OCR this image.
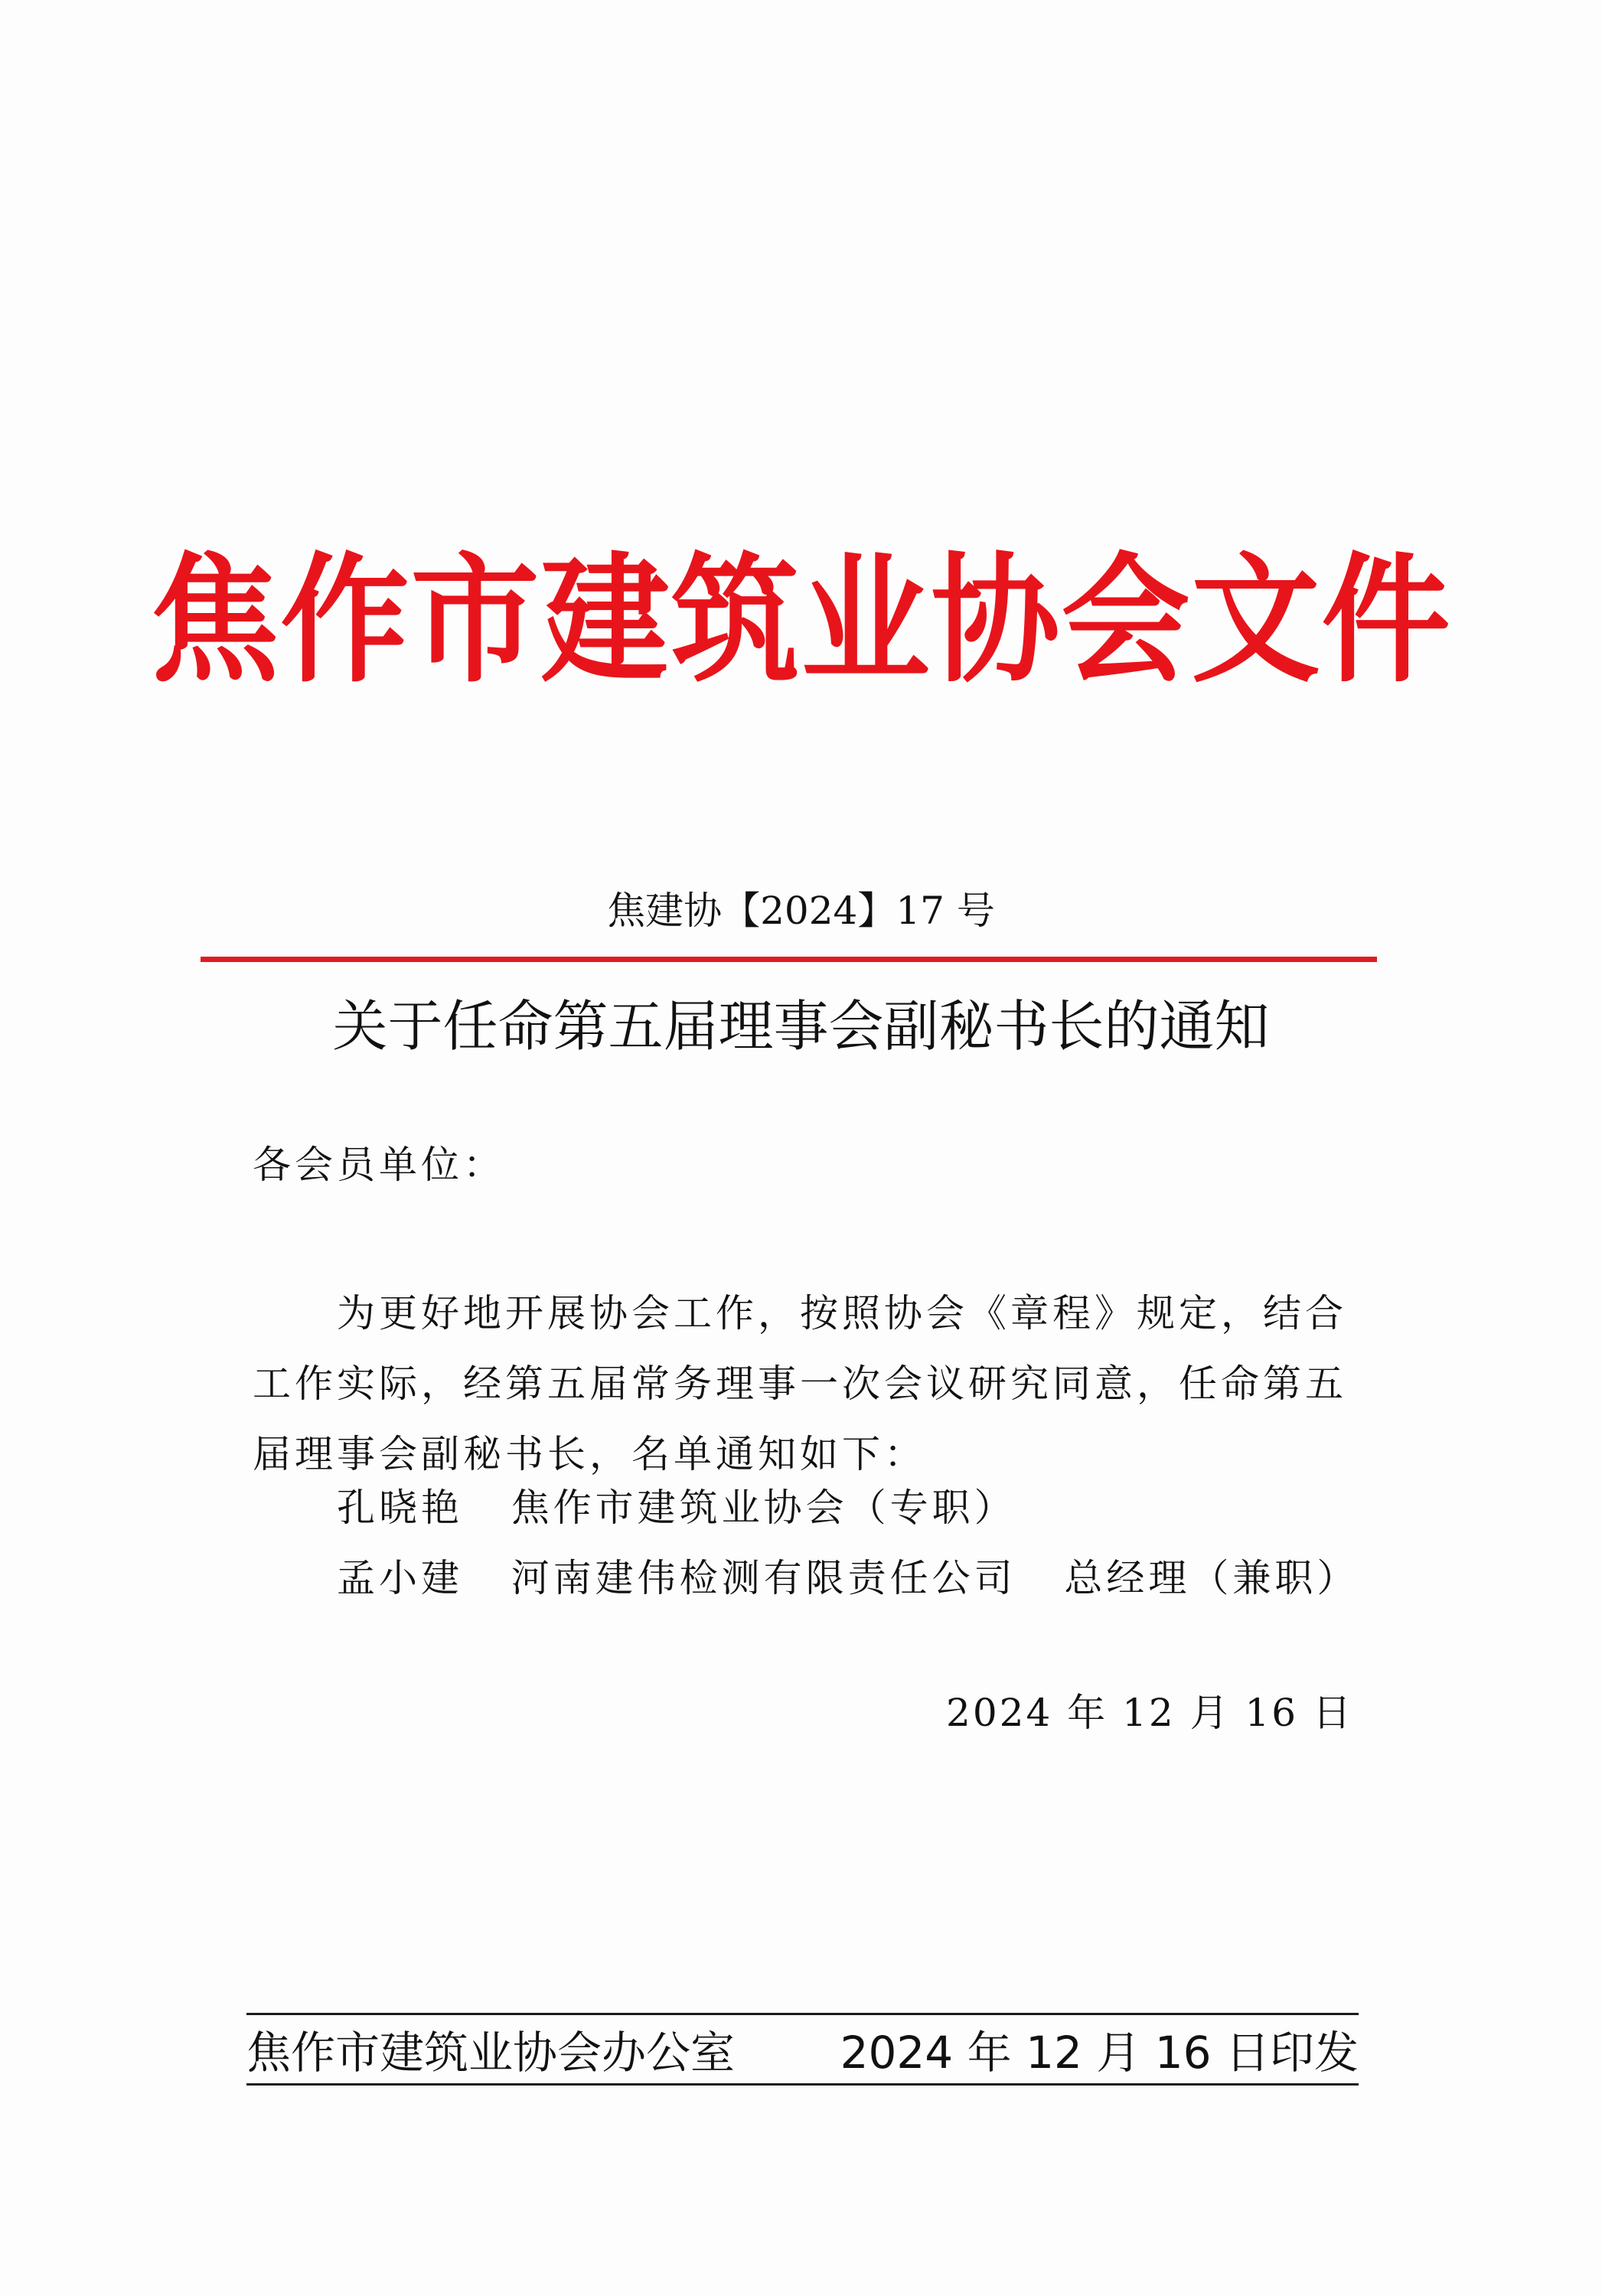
焦作市建筑业协会文件
焦建协【2024】17 号
关于任命第五届理事会副秘书长的通知
各会员单位：

为更好地开展协会工作，按照协会《章程》规定，结合工作实际，经第五届常务理事一次会议研究同意，任命第五届理事会副秘书长，名单通知如下：

孔晓艳 焦作市建筑业协会（专职）
孟小建 河南建伟检测有限责任公司 总经理（兼职）
2024 年 12 月 16 日
焦作市建筑业协会办公室 2024 年 12 月 16 日印发
